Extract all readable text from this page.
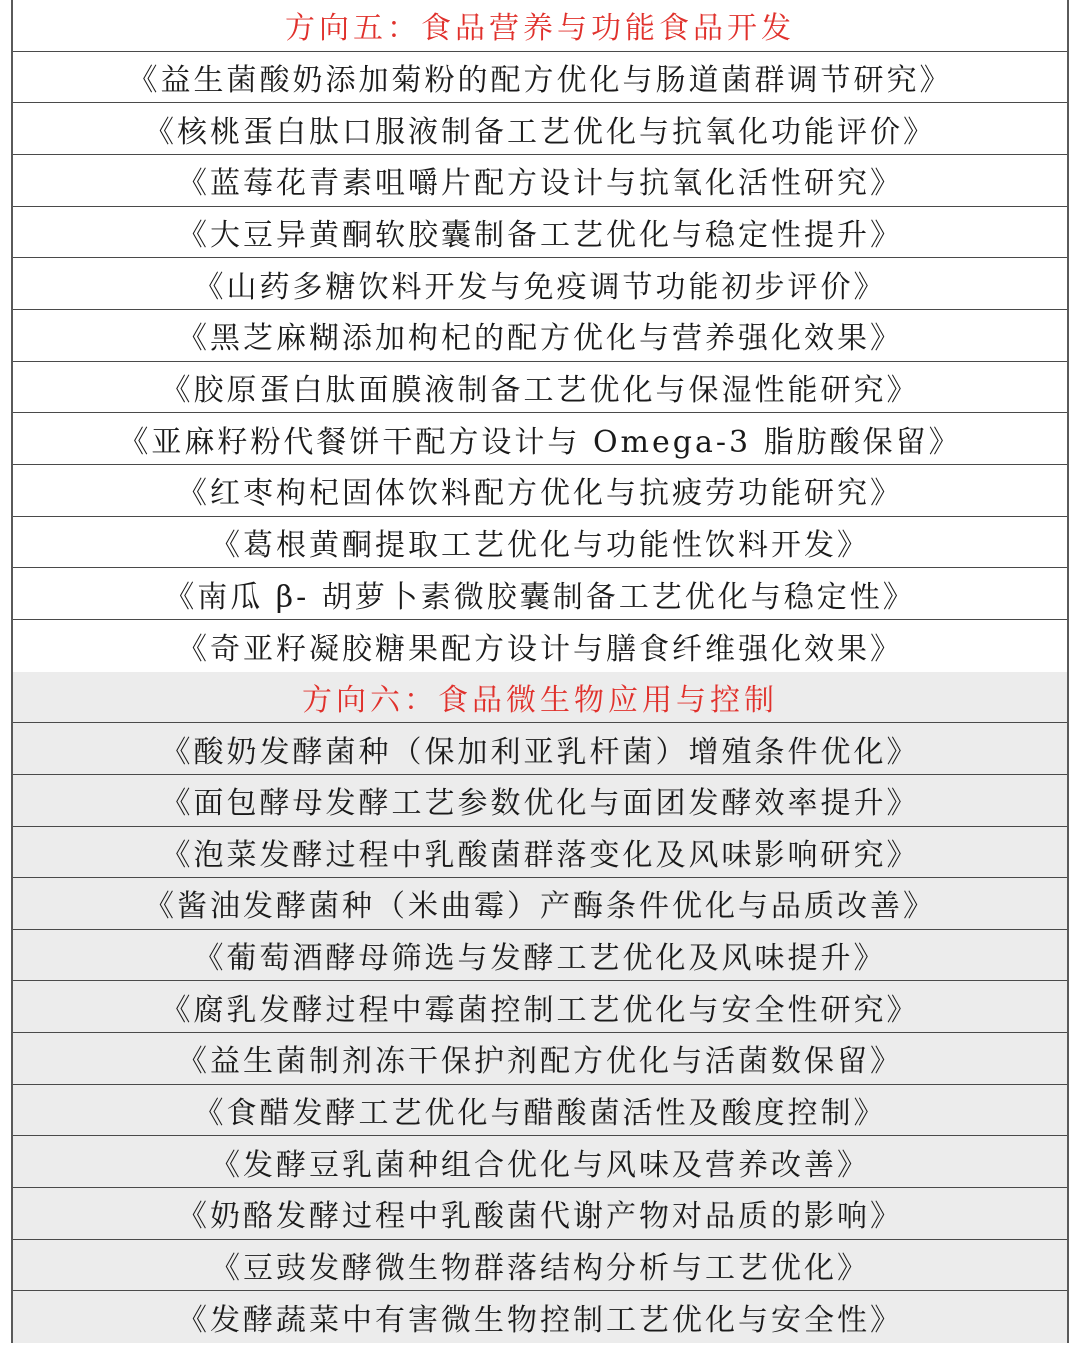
方向五：食品营养与功能食品开发
《益生菌酸奶添加菊粉的配方优化与肠道菌群调节研究》
《核桃蛋白肽口服液制备工艺优化与抗氧化功能评价》
《蓝莓花青素咀嚼片配方设计与抗氧化活性研究》
《大豆异黄酮软胶囊制备工艺优化与稳定性提升》
《山药多糖饮料开发与免疫调节功能初步评价》
《黑芝麻糊添加枸杞的配方优化与营养强化效果》
《胶原蛋白肽面膜液制备工艺优化与保湿性能研究》
《亚麻籽粉代餐饼干配方设计与 Omega-3 脂肪酸保留》
《红枣枸杞固体饮料配方优化与抗疲劳功能研究》
《葛根黄酮提取工艺优化与功能性饮料开发》
《南瓜 β- 胡萝卜素微胶囊制备工艺优化与稳定性》
《奇亚籽凝胶糖果配方设计与膳食纤维强化效果》
方向六：食品微生物应用与控制
《酸奶发酵菌种（保加利亚乳杆菌）增殖条件优化》
《面包酵母发酵工艺参数优化与面团发酵效率提升》
《泡菜发酵过程中乳酸菌群落变化及风味影响研究》
《酱油发酵菌种（米曲霉）产酶条件优化与品质改善》
《葡萄酒酵母筛选与发酵工艺优化及风味提升》
《腐乳发酵过程中霉菌控制工艺优化与安全性研究》
《益生菌制剂冻干保护剂配方优化与活菌数保留》
《食醋发酵工艺优化与醋酸菌活性及酸度控制》
《发酵豆乳菌种组合优化与风味及营养改善》
《奶酪发酵过程中乳酸菌代谢产物对品质的影响》
《豆豉发酵微生物群落结构分析与工艺优化》
《发酵蔬菜中有害微生物控制工艺优化与安全性》
